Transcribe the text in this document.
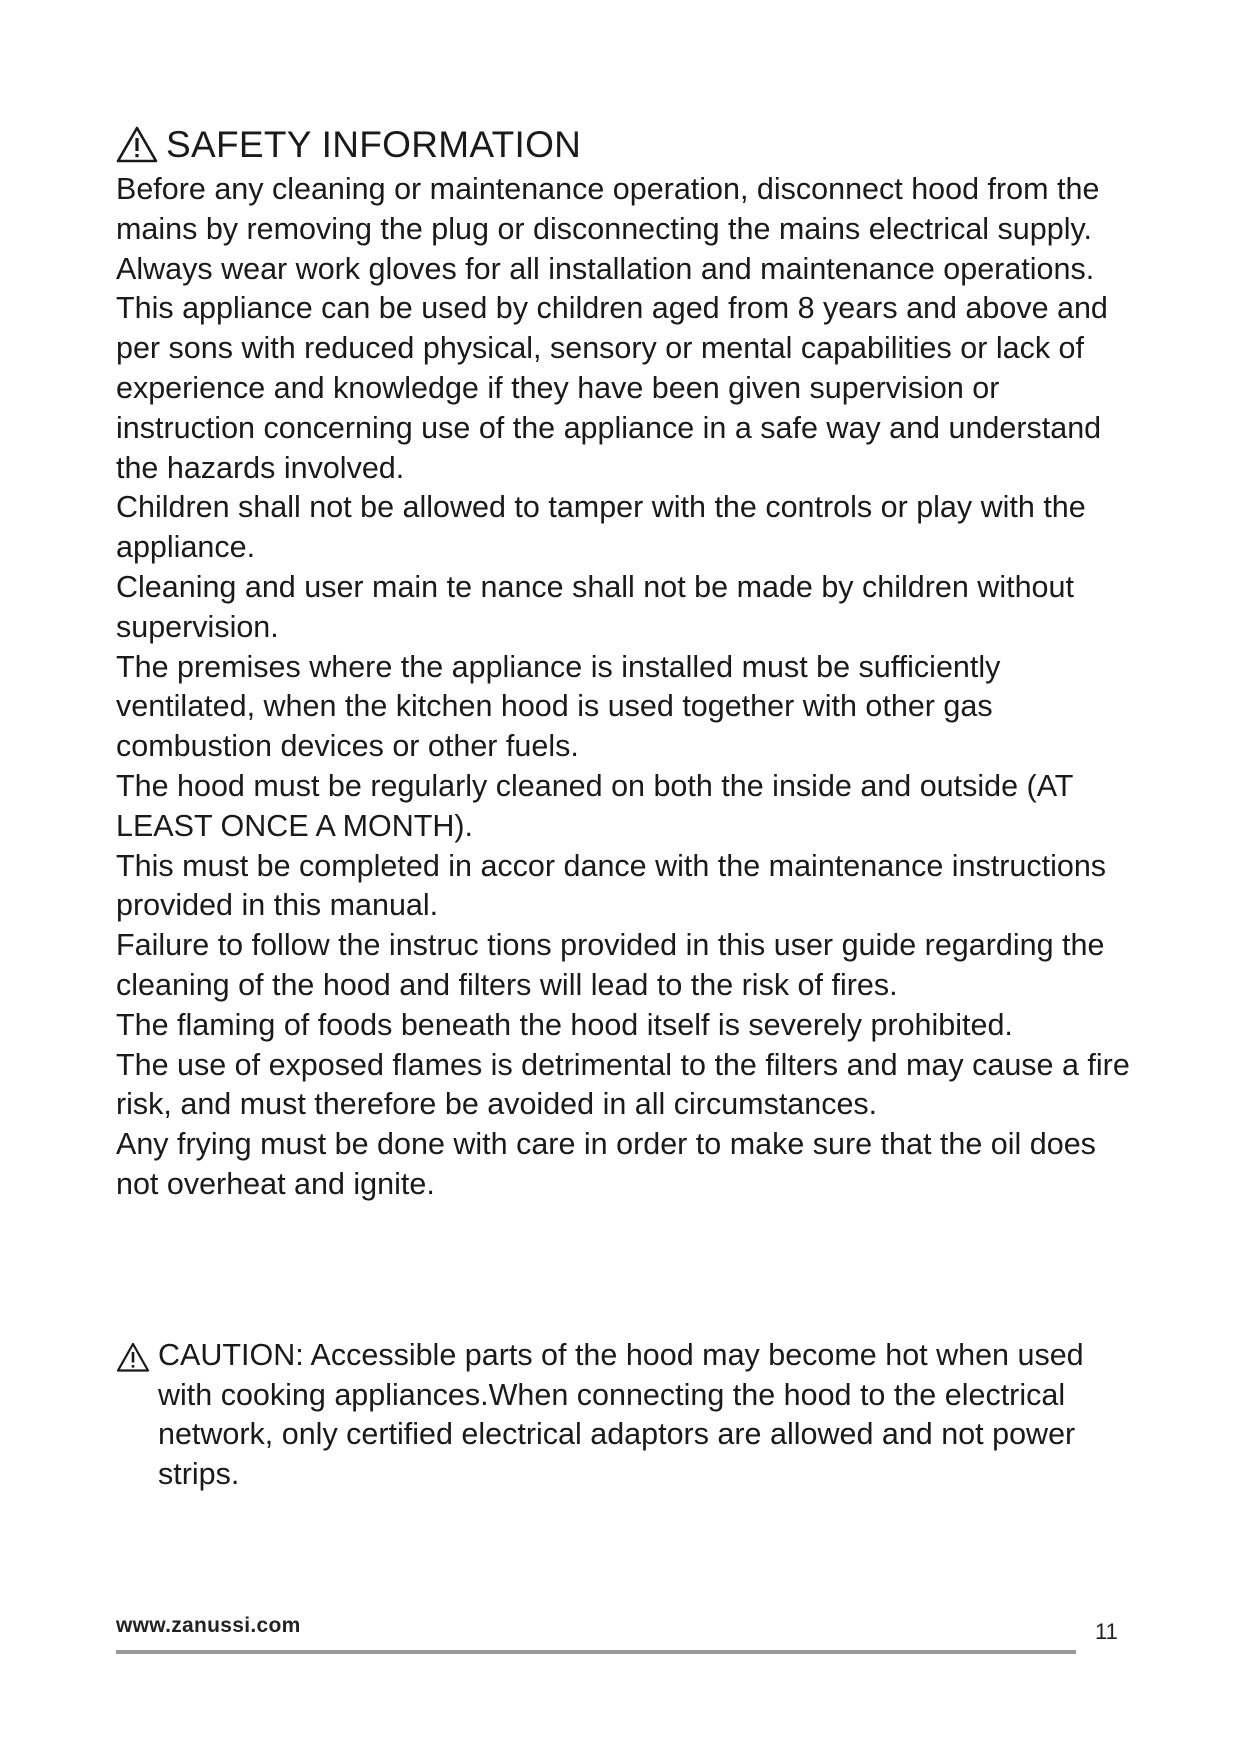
SAFETY INFORMATION

Before any cleaning or maintenance operation, disconnect hood from the mains by removing the plug or disconnecting the mains electrical supply.

Always wear work gloves for all installation and maintenance operations.

This appliance can be used by children aged from 8 years and above and per sons with reduced physical, sensory or mental capabilities or lack of experience and knowledge if they have been given supervision or instruction concerning use of the appliance in a safe way and understand the hazards involved.

Children shall not be allowed to tamper with the controls or play with the appliance.

Cleaning and user main te nance shall not be made by children without supervision.

The premises where the appliance is installed must be sufficiently ventilated, when the kitchen hood is used together with other gas combustion devices or other fuels.

The hood must be regularly cleaned on both the inside and outside (AT LEAST ONCE A MONTH).

This must be completed in accor dance with the maintenance instructions provided in this manual.

Failure to follow the instruc tions provided in this user guide regarding the cleaning of the hood and filters will lead to the risk of fires.

The flaming of foods beneath the hood itself is severely prohibited.

The use of exposed flames is detrimental to the filters and may cause a fire risk, and must therefore be avoided in all circumstances.

Any frying must be done with care in order to make sure that the oil does not overheat and ignite.

CAUTION: Accessible parts of the hood may become hot when used with cooking appliances.When connecting the hood to the electrical network, only certified electrical adaptors are allowed and not power strips.

www.zanussi.com	11
